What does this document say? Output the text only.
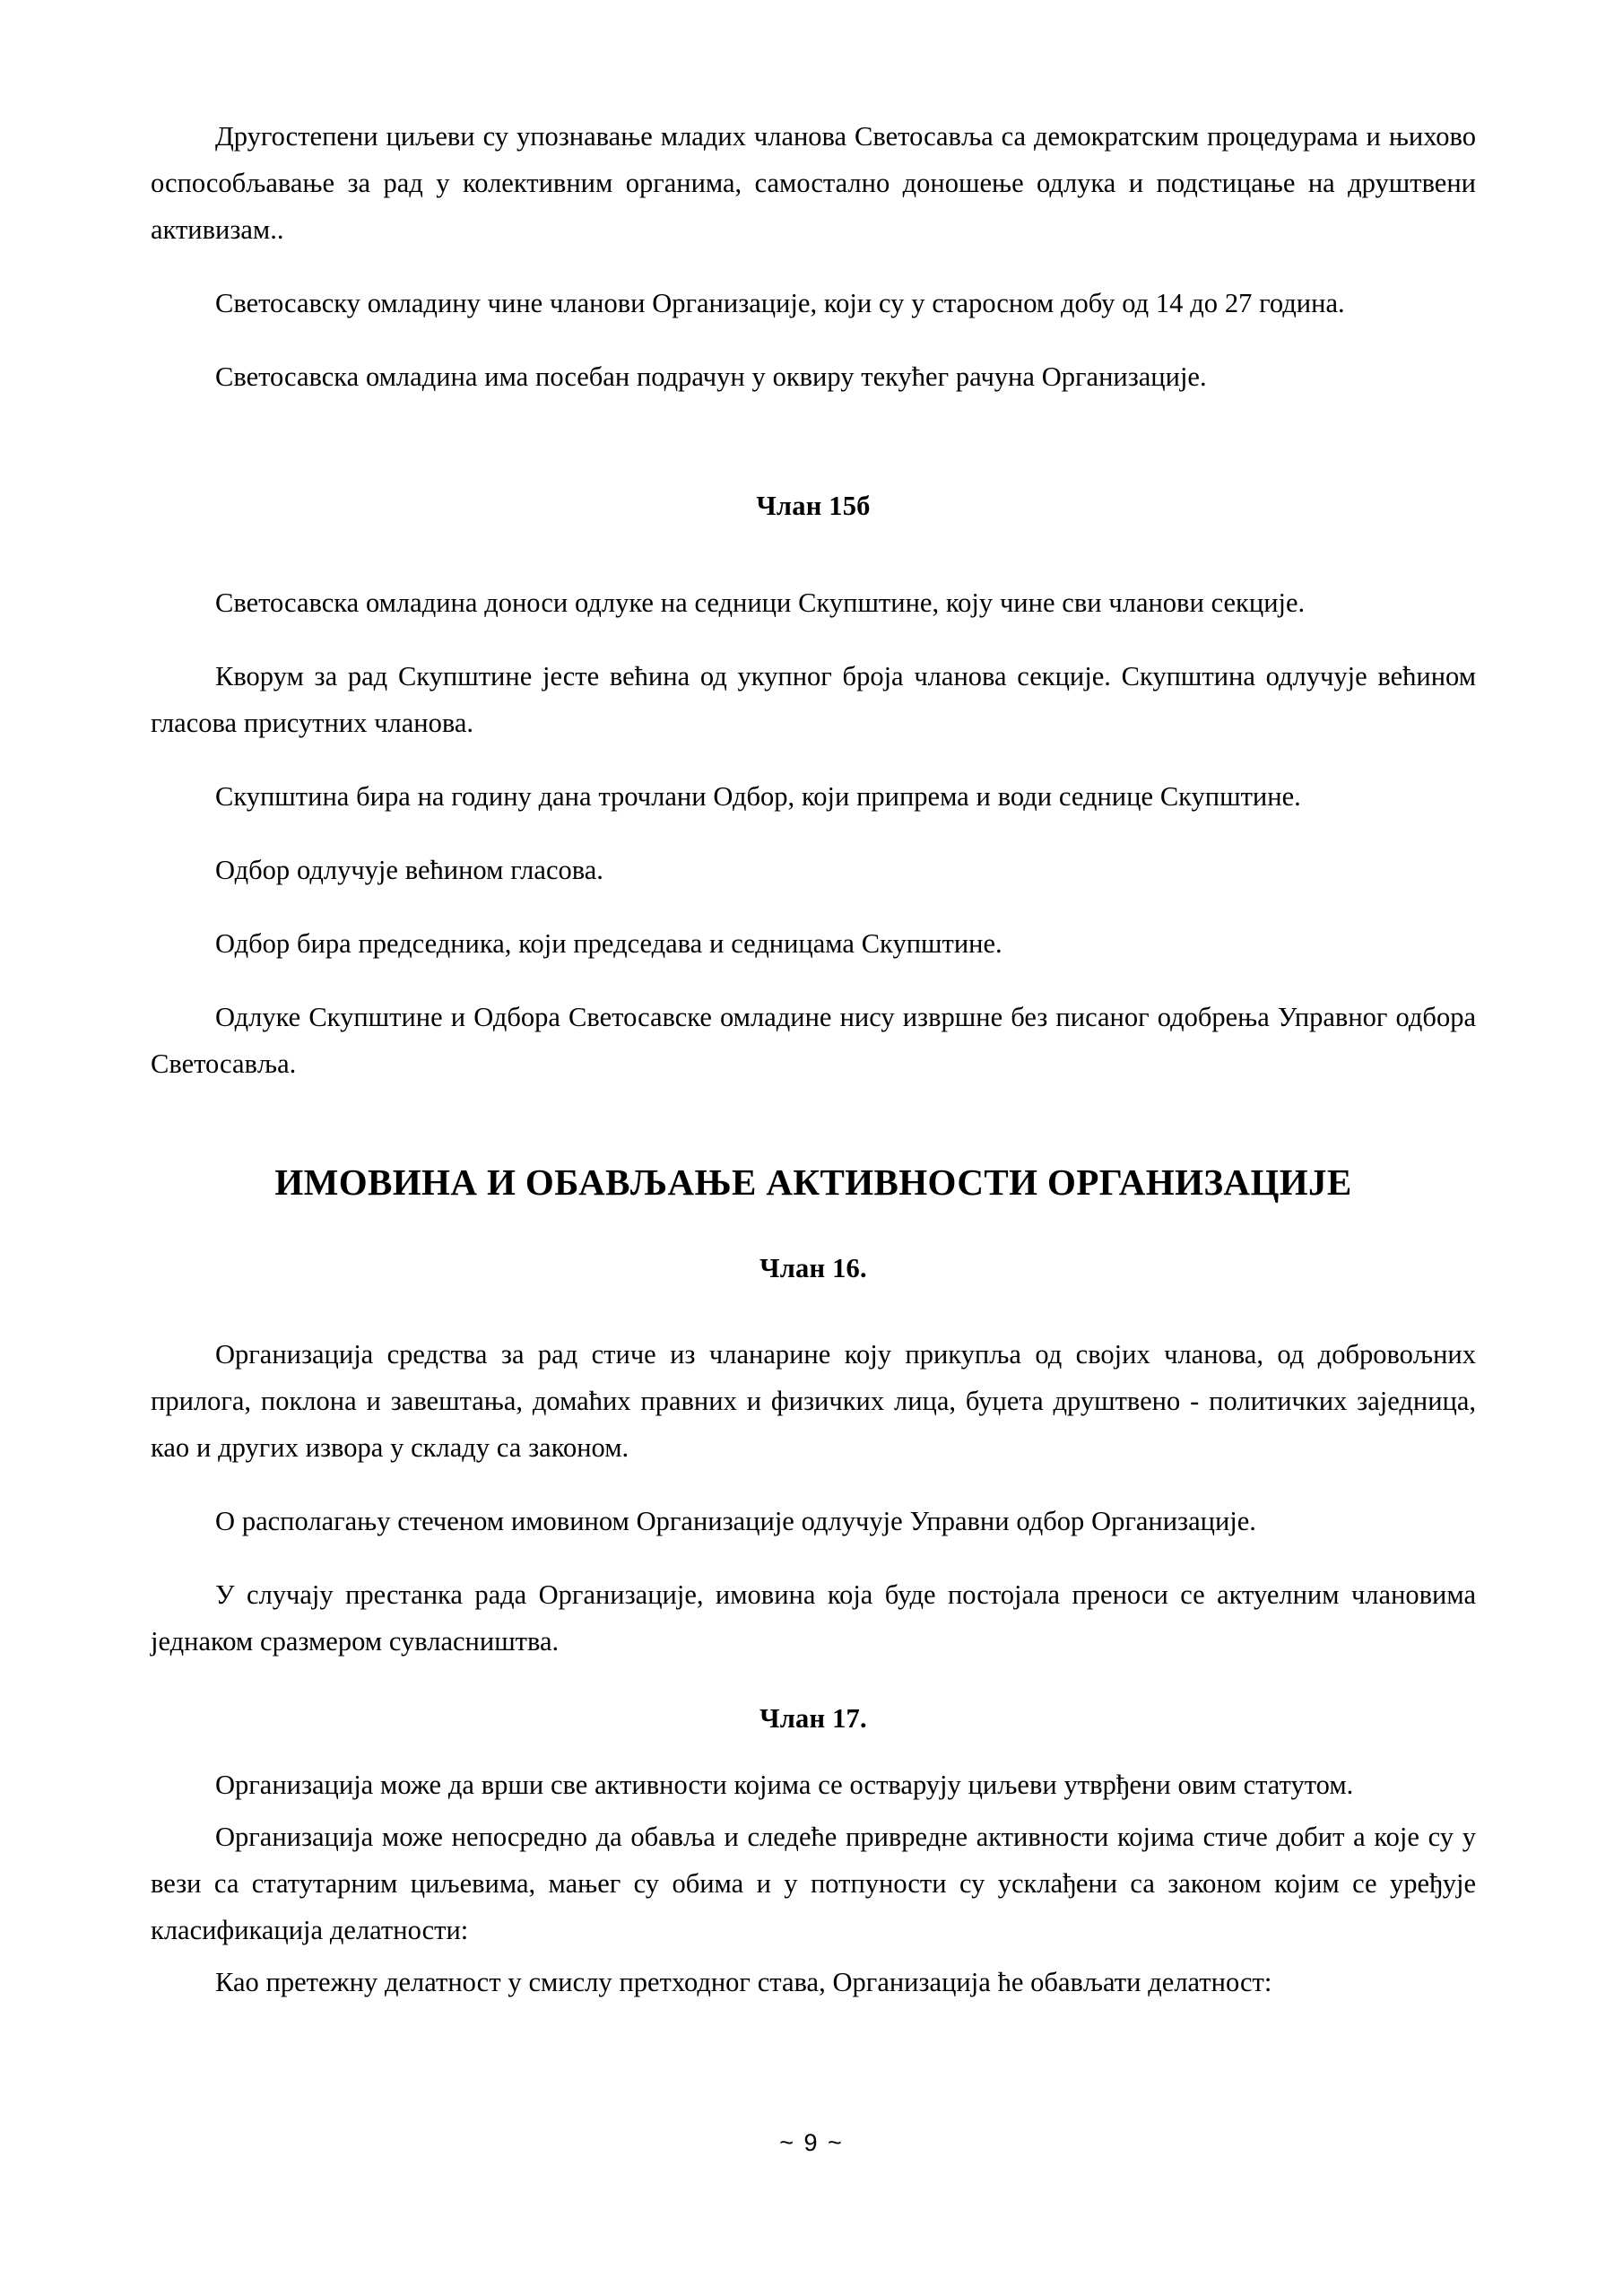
Другостепени циљеви су упознавање младих чланова Светосавља са демократским процедурама и њихово оспособљавање за рад у колективним органима, самостално доношење одлука и подстицање на друштвени активизам..

Светосавску омладину чине чланови Организације, који су у старосном добу од 14 до 27 година.

Светосавска омладина има посебан подрачун у оквиру текућег рачуна Организације.

Члан 15б

Светосавска омладина доноси одлуке на седници Скупштине, коју чине сви чланови секције.

Кворум за рад Скупштине јесте већина од укупног броја чланова секције. Скупштина одлучује већином гласова присутних чланова.

Скупштина бира на годину дана трочлани Одбор, који припрема и води седнице Скупштине.

Одбор одлучује већином гласова.

Одбор бира председника, који председава и седницама Скупштине.

Одлуке Скупштине и Одбора Светосавске омладине нису извршне без писаног одобрења Управног одбора Светосавља.

ИМОВИНА И ОБАВЉАЊЕ АКТИВНОСТИ ОРГАНИЗАЦИЈЕ
Члан 16.

Организација средства за рад стиче из чланарине коју прикупља од својих чланова, од добровољних прилога, поклона и завештања, домаћих правних и физичких лица, буџета друштвено - политичких заједница, као и других извора у складу са законом.

О располагању стеченом имовином Организације одлучује Управни одбор Организације.

У случају престанка рада Организације, имовина која буде постојала преноси се актуелним члановима једнаком сразмером сувласништва.

Члан 17.

Организација може да врши све активности којима се остварују циљеви утврђени овим статутом.

Организација може непосредно да обавља и следеће привредне активности којима стиче добит а које су у вези са статутарним циљевима, мањег су обима и у потпуности су усклађени са законом којим се уређује класификација делатности:

Као претежну делатност у смислу претходног става, Организација ће обављати делатност:

~ 9 ~
